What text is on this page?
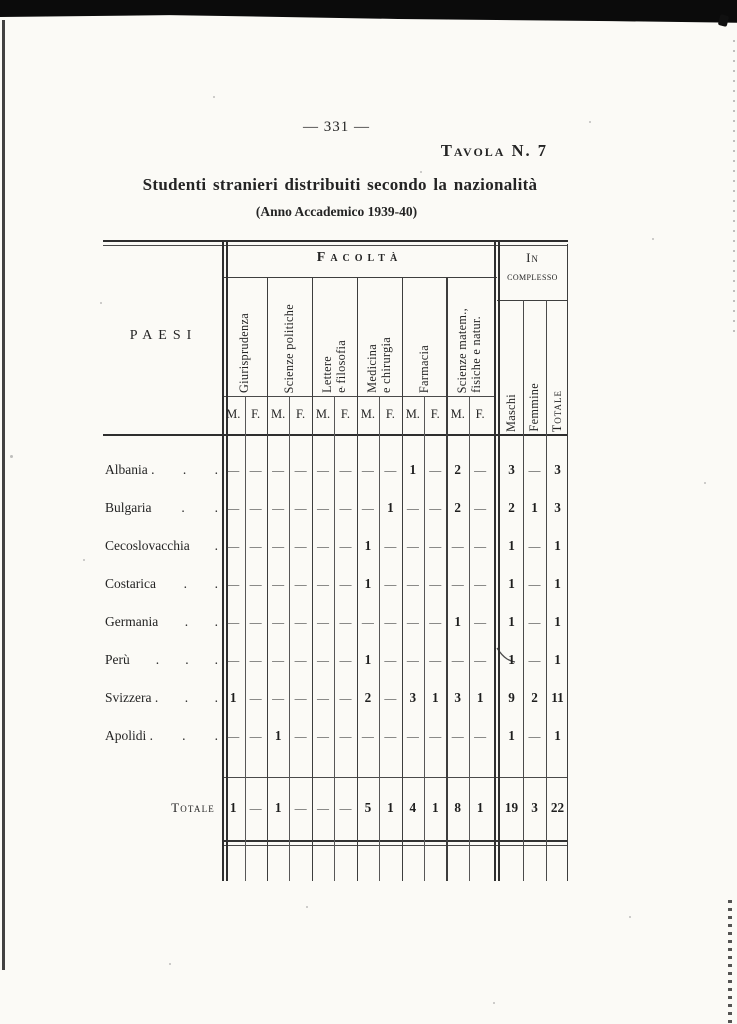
— 331 —
Tavola N. 7
Studenti stranieri distribuiti secondo la nazionalità
(Anno Accademico 1939-40)
PAESI
Facoltà	In
complesso
Giurisprudenza	Scienze politiche Lettere e filosofia Medicina e chirurgia Farmacia Scienze matem., fisiche e natur.
Maschi Femmine Totale
M. F. M. F. M. F. M. F. M. F. M. F.
Albania . . . — — — — — — — — 1	— 2	—	3	—	3
Bulgaria . . — — — — — — — 1	— — 2	—	2	1	3
Cecoslovacchia . — — — — — — 1	— — — — —	1	—	1
Costarica . . — — — — — — 1	— — — — —	1	—	1
Germania . . — — — — — — — — — — 1	—	1	—	1
Perù . . . — — — — — — 1	— — — — —	1	—	1
Svizzera . . . 1	— — — — — 2	— 3	1	3	1	9	2	11
Apolidi . . . — — 1	— — — — — — — — —	1	—	1
Totale	1	— 1	— — — 5	1	4	1	8	1	19 3 22
